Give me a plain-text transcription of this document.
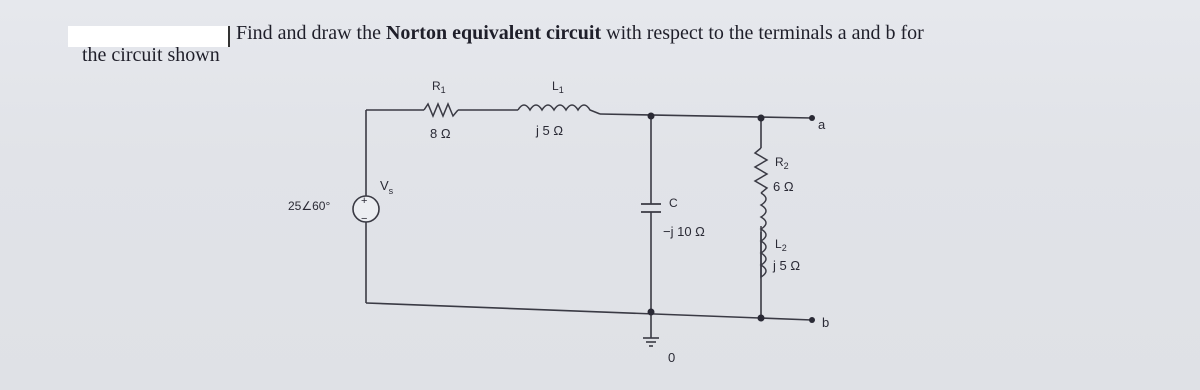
Find and draw the Norton equivalent circuit with respect to the terminals a and b for
the circuit shown
+
−
$V_s$
25∠60°
$R_1$
8 Ω
$L_1$
j 5 Ω
C
−j 10 Ω
$R_2$
6 Ω
$L_2$
j 5 Ω
a
b
0
